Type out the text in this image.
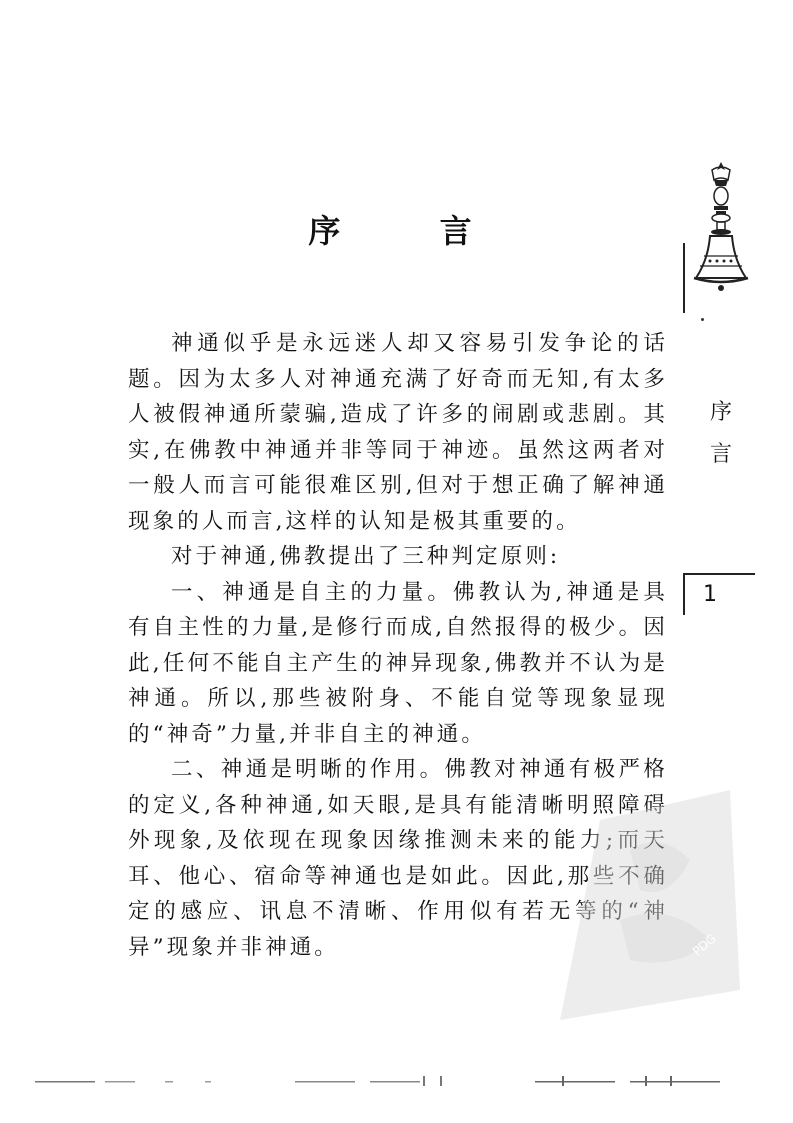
序 言

神通似乎是永远迷人却又容易引发争论的话题。因为太多人对神通充满了好奇而无知,有太多人被假神通所蒙骗,造成了许多的闹剧或悲剧。其实,在佛教中神通并非等同于神迹。虽然这两者对一般人而言可能很难区别,但对于想正确了解神通现象的人而言,这样的认知是极其重要的。

对于神通,佛教提出了三种判定原则:

一、神通是自主的力量。佛教认为,神通是具有自主性的力量,是修行而成,自然报得的极少。因此,任何不能自主产生的神异现象,佛教并不认为是神通。所以,那些被附身、不能自觉等现象显现的“神奇”力量,并非自主的神通。

二、神通是明晰的作用。佛教对神通有极严格的定义,各种神通,如天眼,是具有能清晰明照障碍外现象,及依现在现象因缘推测未来的能力;而天耳、他心、宿命等神通也是如此。因此,那些不确定的感应、讯息不清晰、作用似有若无等的“神异”现象并非神通。

序言
1
PDG
